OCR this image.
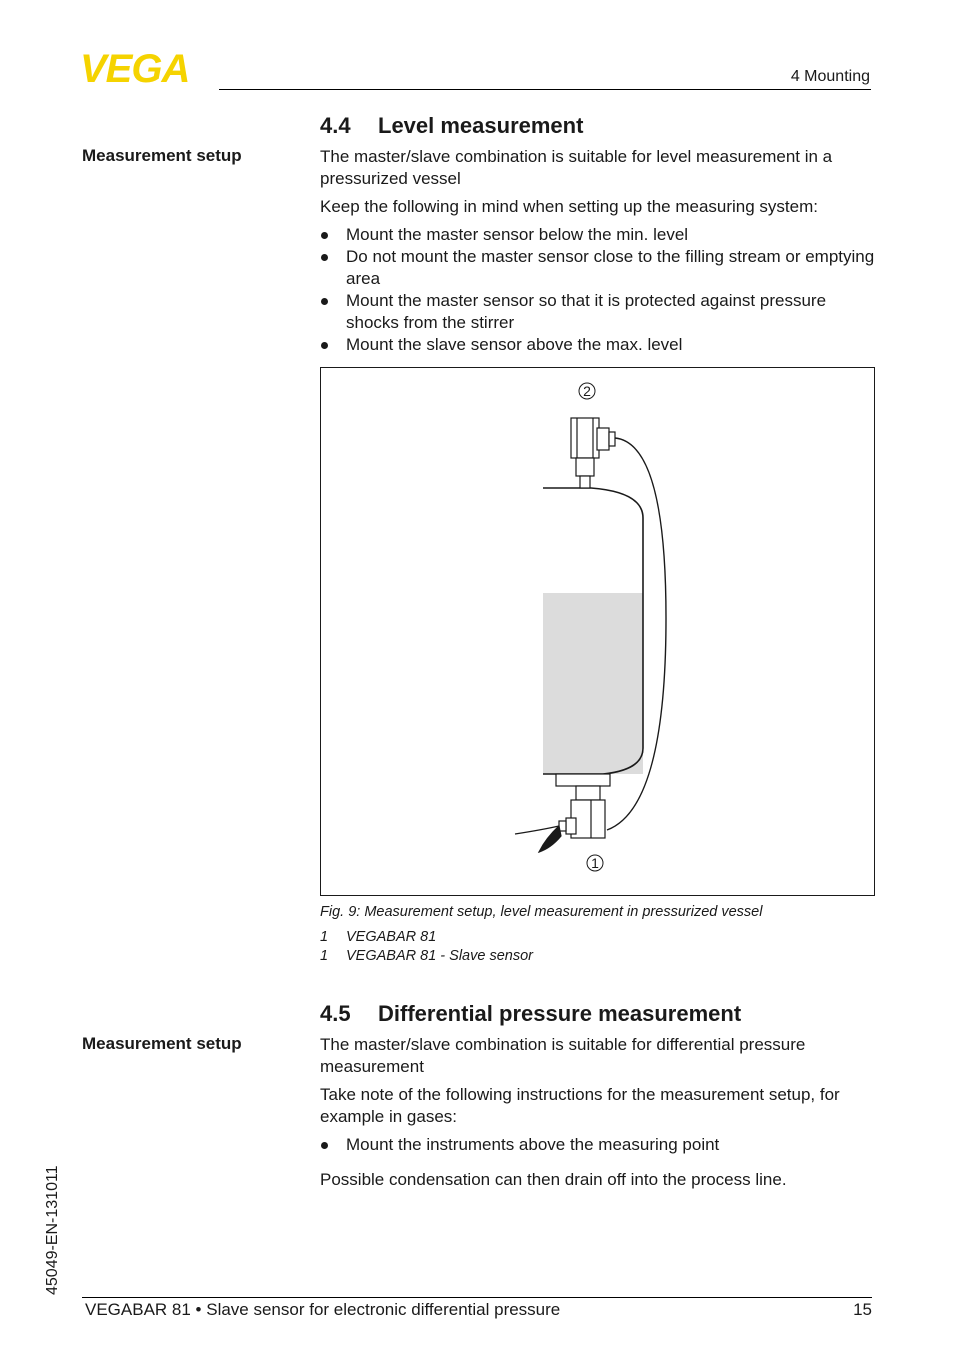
VEGA	4 Mounting
4.4 Level measurement
Measurement setup	The master/slave combination is suitable for level measurement in a pressurized vessel
Keep the following in mind when setting up the measuring system:
Mount the master sensor below the min. level
Do not mount the master sensor close to the filling stream or emptying area
Mount the master sensor so that it is protected against pressure shocks from the stirrer
Mount the slave sensor above the max. level
2
1
Fig. 9: Measurement setup, level measurement in pressurized vessel
1 VEGABAR 81
1 VEGABAR 81 - Slave sensor
4.5 Differential pressure measurement
Measurement setup	The master/slave combination is suitable for differential pressure measurement
Take note of the following instructions for the measurement setup, for example in gases:
Mount the instruments above the measuring point
Possible condensation can then drain off into the process line.
45049-EN-131011
VEGABAR 81 • Slave sensor for electronic differential pressure	15
